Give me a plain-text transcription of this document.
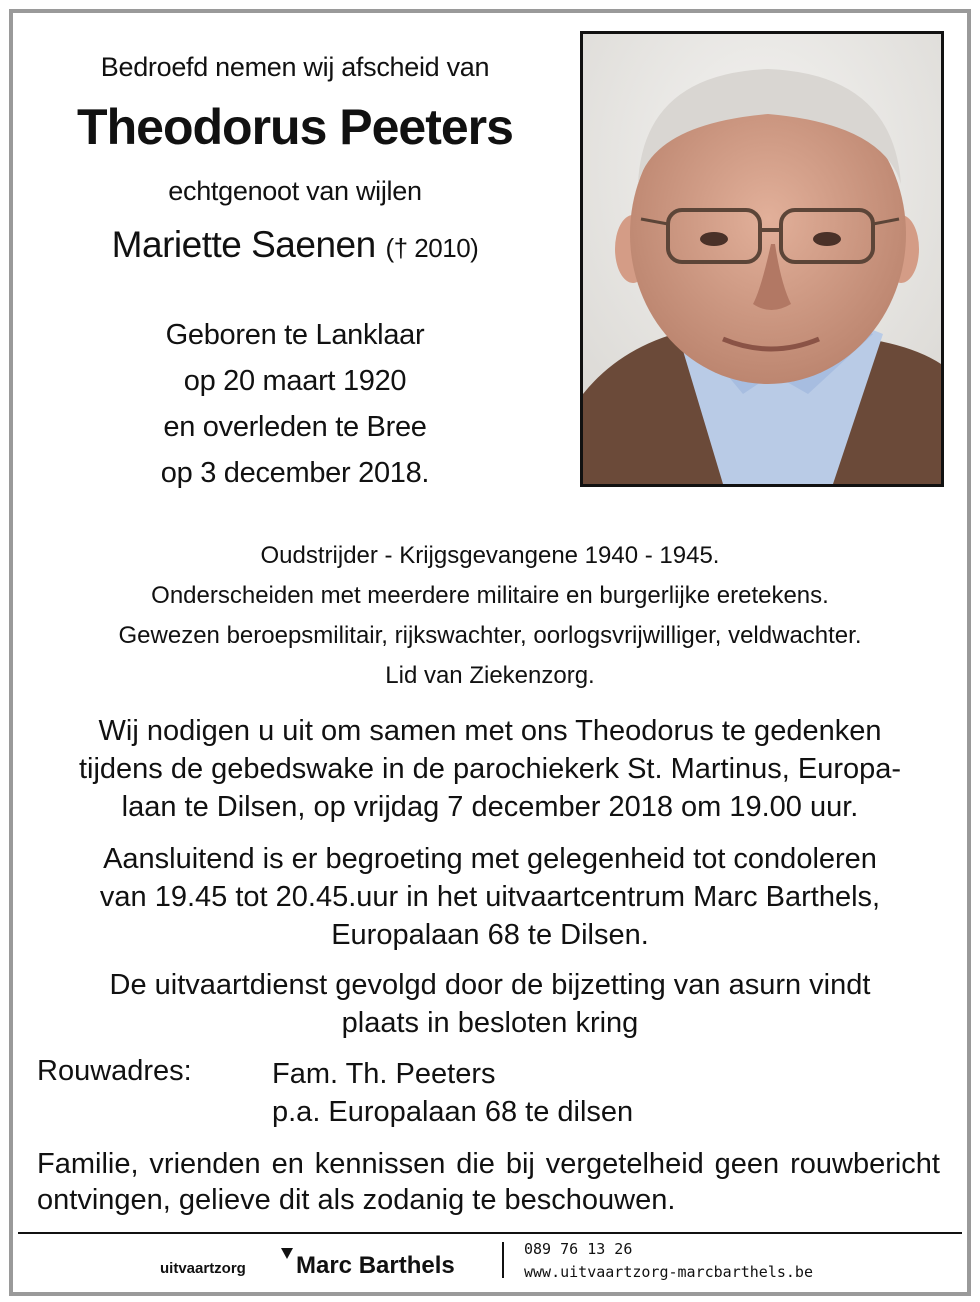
Bedroefd nemen wij afscheid van
Theodorus Peeters
echtgenoot van wijlen
Mariette Saenen († 2010)
Geboren te Lanklaar
op 20 maart 1920
en overleden te Bree
op 3 december 2018.
Oudstrijder - Krijgsgevangene 1940 - 1945.
Onderscheiden met meerdere militaire en burgerlijke eretekens.
Gewezen beroepsmilitair, rijkswachter, oorlogsvrijwilliger, veldwachter.
Lid van Ziekenzorg.
Wij nodigen u uit om samen met ons Theodorus te gedenken
tijdens de gebedswake in de parochiekerk St. Martinus, Europa-
laan te Dilsen, op vrijdag 7 december 2018 om 19.00 uur.
Aansluitend is er begroeting met gelegenheid tot condoleren
van 19.45 tot 20.45.uur in het uitvaartcentrum Marc Barthels,
Europalaan 68 te Dilsen.
De uitvaartdienst gevolgd door de bijzetting van asurn vindt
plaats in besloten kring
Rouwadres:	Fam. Th. Peeters
p.a. Europalaan 68 te dilsen
Familie, vrienden en kennissen die bij vergetelheid geen rouwbericht ontvingen, gelieve dit als zodanig te beschouwen.
uitvaartzorg Marc Barthels
089 76 13 26
www.uitvaartzorg-marcbarthels.be
